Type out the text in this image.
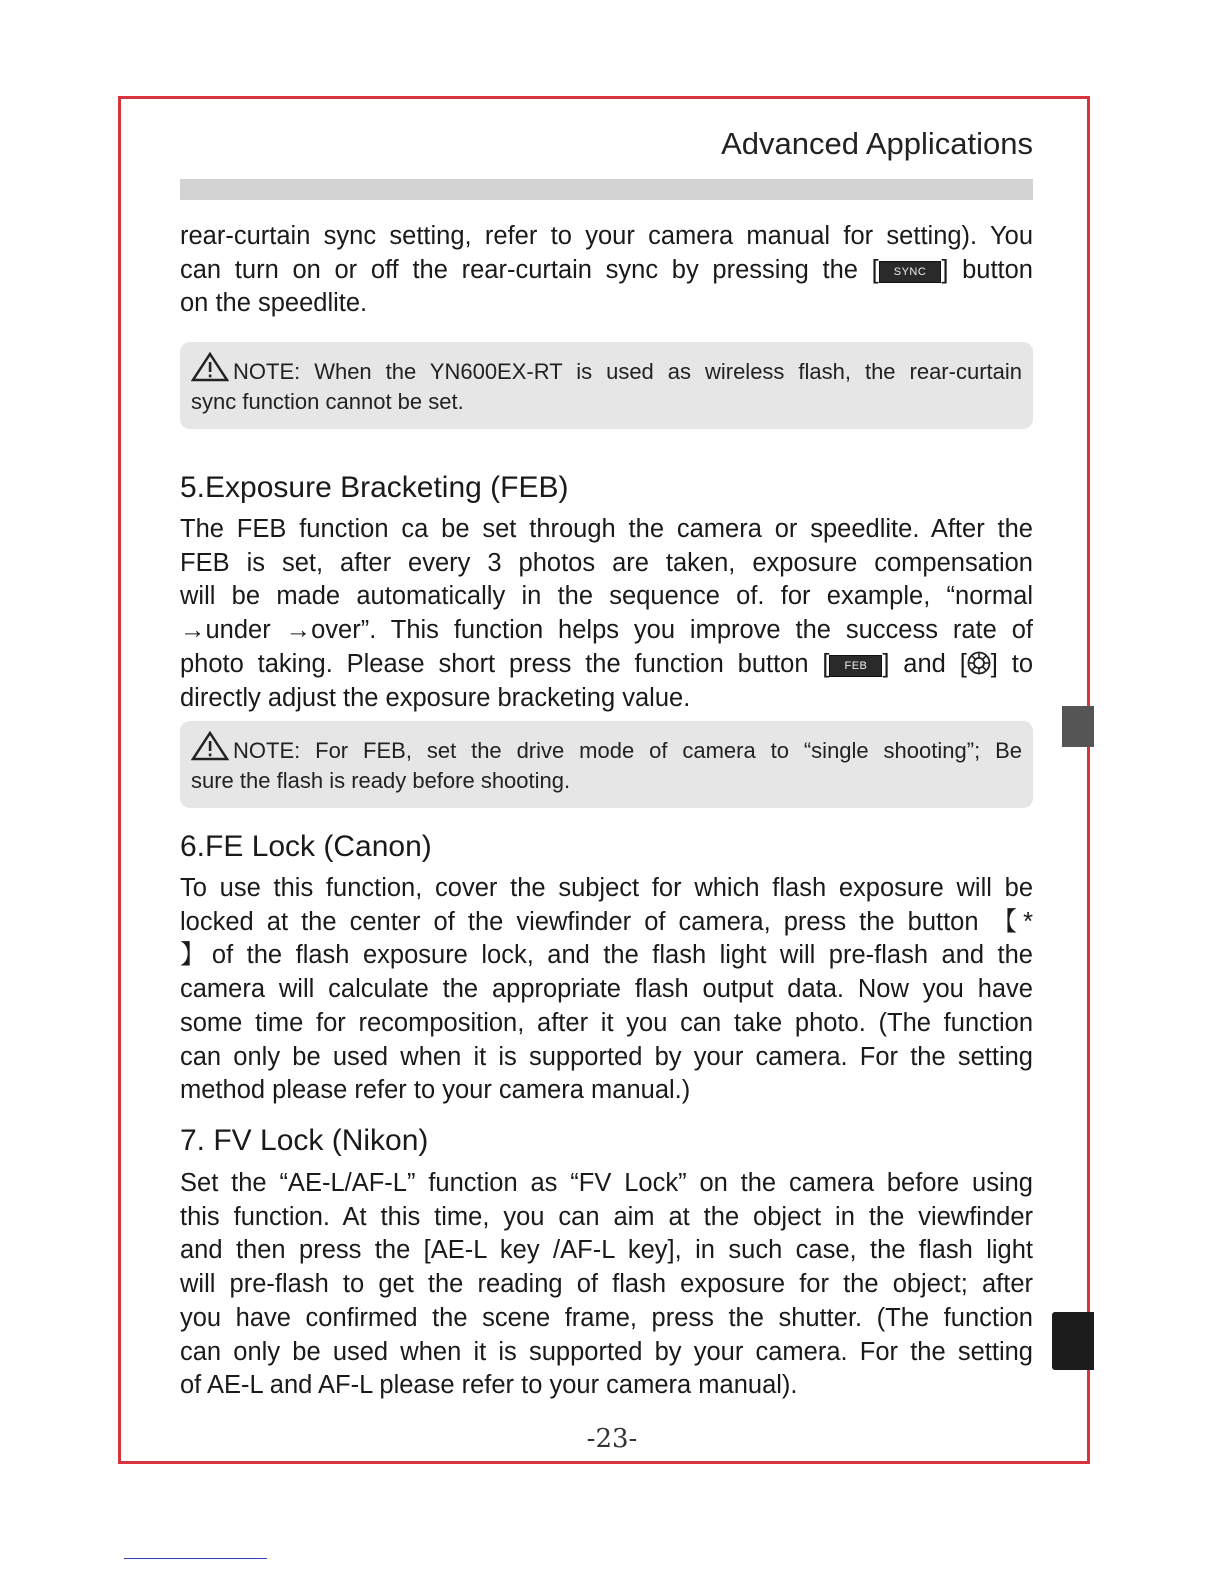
Advanced Applications
rear-curtain sync setting, refer to your camera manual for setting). You
can turn on or off the rear-curtain sync by pressing the [ SYNC ] button
on the speedlite.
NOTE: When the YN600EX-RT is used as wireless flash, the rear-curtain
sync function cannot be set.
5.Exposure Bracketing (FEB)
The FEB function ca be set through the camera or speedlite. After the
FEB is set, after every 3 photos are taken, exposure compensation
will be made automatically in the sequence of. for example, “normal
→under →over”. This function helps you improve the success rate of
photo taking. Please short press the function button [ FEB ] and [ ] to
directly adjust the exposure bracketing value.
NOTE: For FEB, set the drive mode of camera to “single shooting”; Be
sure the flash is ready before shooting.
6.FE Lock (Canon)
To use this function, cover the subject for which flash exposure will be
locked at the center of the viewfinder of camera, press the button 【*
】of the flash exposure lock, and the flash light will pre-flash and the
camera will calculate the appropriate flash output data. Now you have
some time for recomposition, after it you can take photo. (The function
can only be used when it is supported by your camera. For the setting
method please refer to your camera manual.)
7. FV Lock (Nikon)
Set the “AE-L/AF-L” function as “FV Lock” on the camera before using
this function. At this time, you can aim at the object in the viewfinder
and then press the [AE-L key /AF-L key], in such case, the flash light
will pre-flash to get the reading of flash exposure for the object; after
you have confirmed the scene frame, press the shutter. (The function
can only be used when it is supported by your camera. For the setting
of AE-L and AF-L please refer to your camera manual).
-23-
